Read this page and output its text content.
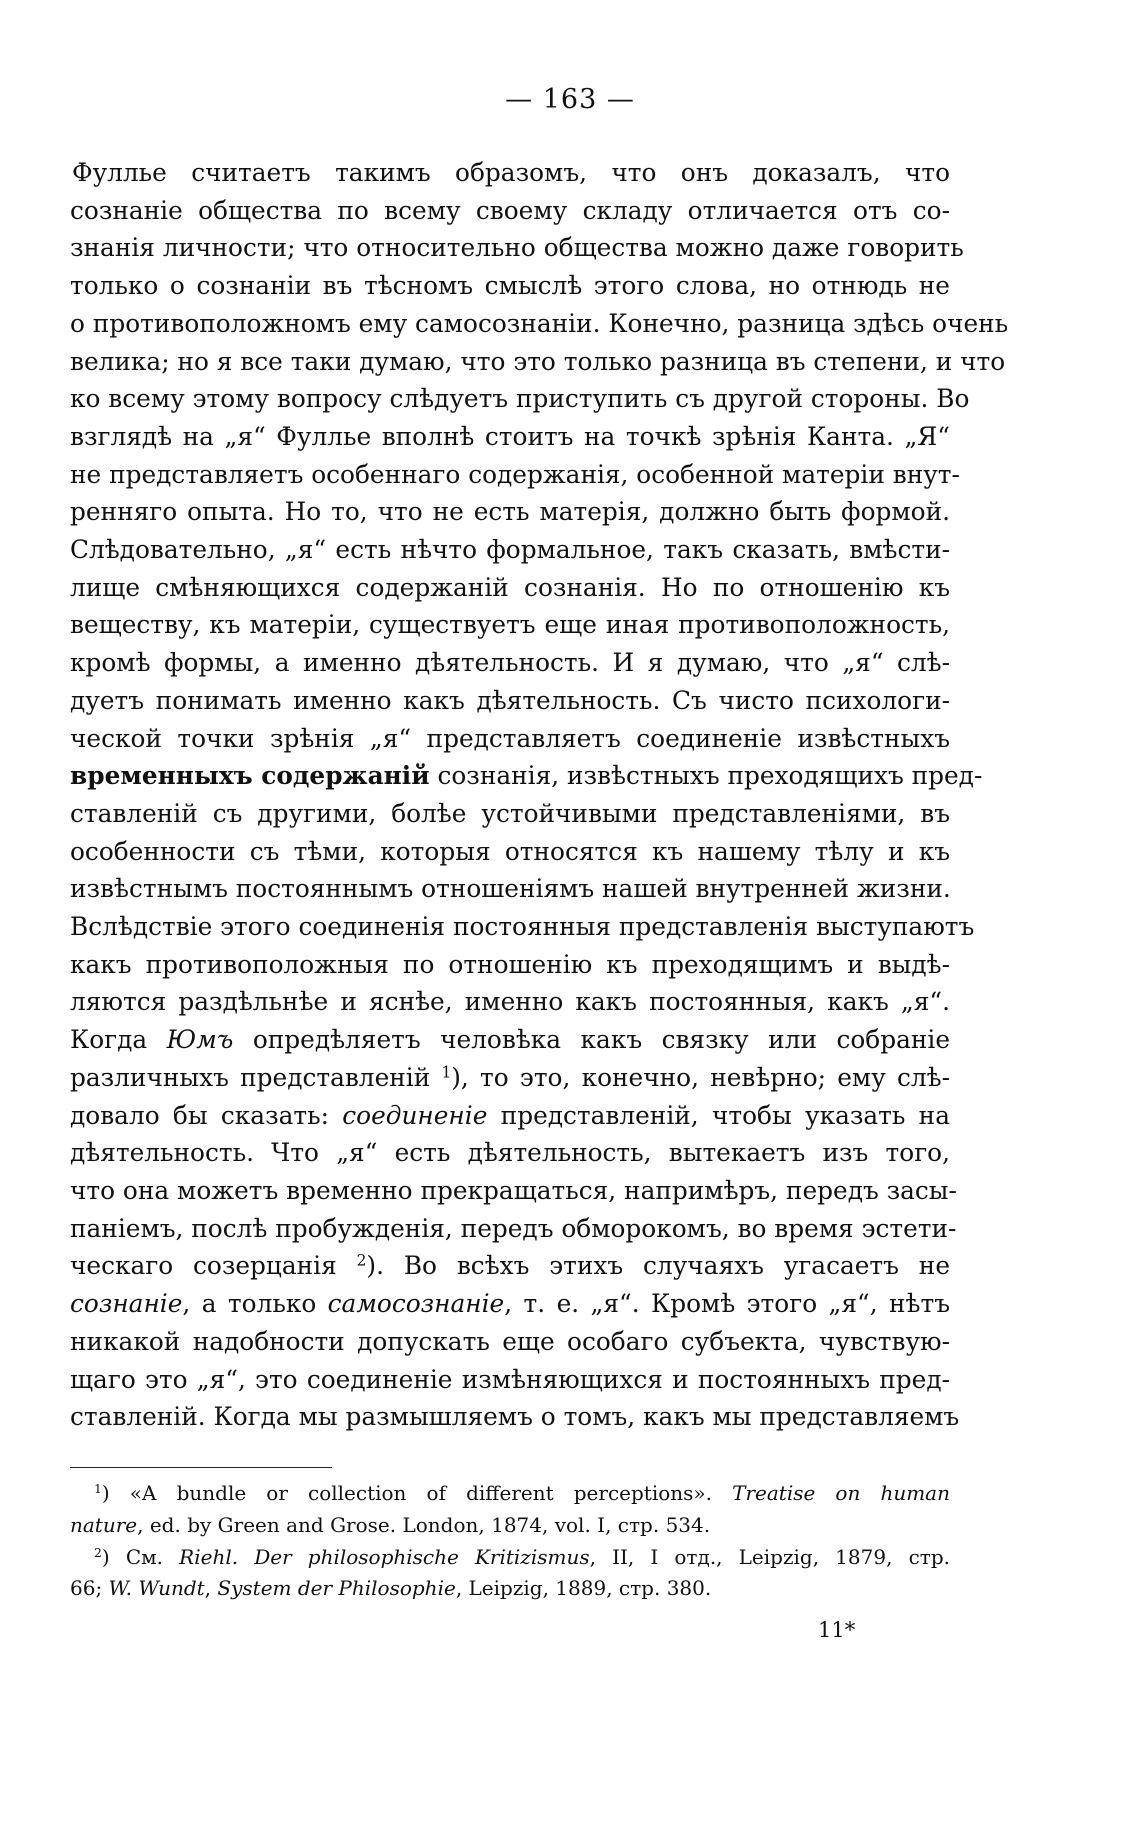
— 163 —
Фуллье считаетъ такимъ образомъ, что онъ доказалъ, что
сознанiе общества по всему своему складу отличается отъ со-
знанiя личности; что относительно общества можно даже говорить
только о сознанiи въ тѣсномъ смыслѣ этого слова, но отнюдь не
о противоположномъ ему самосознанiи. Конечно, разница здѣсь очень
велика; но я все таки думаю, что это только разница въ степени, и что
ко всему этому вопросу слѣдуетъ приступить съ другой стороны. Во
взглядѣ на „я“ Фуллье вполнѣ стоитъ на точкѣ зрѣнiя Канта. „Я“
не представляетъ особеннаго содержанiя, особенной матерiи внут-
ренняго опыта. Но то, что не есть матерiя, должно быть формой.
Слѣдовательно, „я“ есть нѣчто формальное, такъ сказать, вмѣсти-
лище смѣняющихся содержанiй сознанiя. Но по отношенiю къ
веществу, къ матерiи, существуетъ еще иная противоположность,
кромѣ формы, а именно дѣятельность. И я думаю, что „я“ слѣ-
дуетъ понимать именно какъ дѣятельность. Съ чисто психологи-
ческой точки зрѣнiя „я“ представляетъ соединенiе извѣстныхъ
временныхъ содержанiй сознанiя, извѣстныхъ преходящихъ пред-
ставленiй съ другими, болѣе устойчивыми представленiями, въ
особенности съ тѣми, которыя относятся къ нашему тѣлу и къ
извѣстнымъ постояннымъ отношенiямъ нашей внутренней жизни.
Вслѣдствiе этого соединенiя постоянныя представленiя выступаютъ
какъ противоположныя по отношенiю къ преходящимъ и выдѣ-
ляются раздѣльнѣе и яснѣе, именно какъ постоянныя, какъ „я“.
Когда Юмъ опредѣляетъ человѣка какъ связку или собранiе
различныхъ представленiй $^1$), то это, конечно, невѣрно; ему слѣ-
довало бы сказать: соединенiе представленiй, чтобы указать на
дѣятельность. Что „я“ есть дѣятельность, вытекаетъ изъ того,
что она можетъ временно прекращаться, напримѣръ, передъ засы-
панiемъ, послѣ пробужденiя, передъ обморокомъ, во время эстети-
ческаго созерцанiя $^2$). Во всѣхъ этихъ случаяхъ угасаетъ не
сознанiе, а только самосознанiе, т. е. „я“. Кромѣ этого „я“, нѣтъ
никакой надобности допускать еще особаго субъекта, чувствую-
щаго это „я“, это соединенiе измѣняющихся и постоянныхъ пред-
ставленiй. Когда мы размышляемъ о томъ, какъ мы представляемъ
$^1$) «A bundle or collection of different perceptions». Treatise on human
nature, ed. by Green and Grose. London, 1874, vol. I, стр. 534.
$^2$) См. Riehl. Der philosophische Kritizismus, II, I отд., Leipzig, 1879, стр.
66; W. Wundt, System der Philosophie, Leipzig, 1889, стр. 380.
11*
